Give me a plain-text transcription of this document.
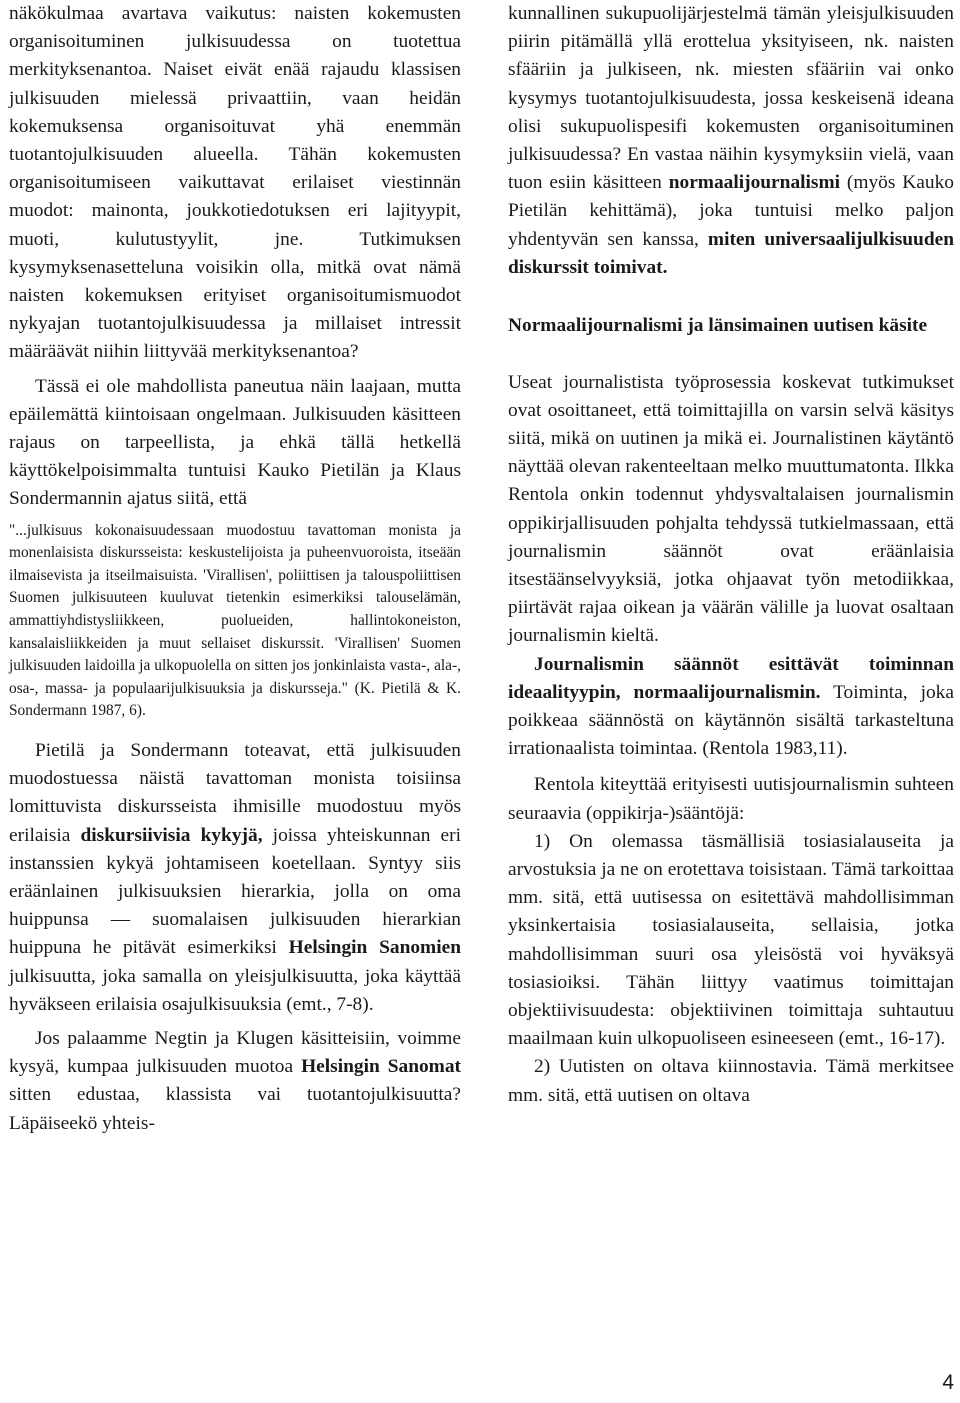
näkökulmaa avartava vaikutus: naisten kokemusten organisoituminen julkisuudessa on tuotettua merkityksenantoa. Naiset eivät enää rajaudu klassisen julkisuuden mielessä privaattiin, vaan heidän kokemuksensa organisoituvat yhä enemmän tuotantojulkisuuden alueella. Tähän kokemusten organisoitumiseen vaikuttavat erilaiset viestinnän muodot: mainonta, joukkotiedotuksen eri lajityypit, muoti, kulutustyylit, jne. Tutkimuksen kysymyksenasetteluna voisikin olla, mitkä ovat nämä naisten kokemuksen erityiset organisoitumismuodot nykyajan tuotantojulkisuudessa ja millaiset intressit määräävät niihin liittyvää merkityksenantoa?

Tässä ei ole mahdollista paneutua näin laajaan, mutta epäilemättä kiintoisaan ongelmaan. Julkisuuden käsitteen rajaus on tarpeellista, ja ehkä tällä hetkellä käyttökelpoisimmalta tuntuisi Kauko Pietilän ja Klaus Sondermannin ajatus siitä, että

"...julkisuus kokonaisuudessaan muodostuu tavattoman monista ja monenlaisista diskursseista: keskustelijoista ja puheenvuoroista, itseään ilmaisevista ja itseilmaisuista. 'Virallisen', poliittisen ja talouspoliittisen Suomen julkisuuteen kuuluvat tietenkin esimerkiksi talouselämän, ammattiyhdistysliikkeen, puolueiden, hallintokoneiston, kansalaisliikkeiden ja muut sellaiset diskurssit. 'Virallisen' Suomen julkisuuden laidoilla ja ulkopuolella on sitten jos jonkinlaista vasta-, ala-, osa-, massa- ja populaarijulkisuuksia ja diskursseja." (K. Pietilä & K. Sondermann 1987, 6).

Pietilä ja Sondermann toteavat, että julkisuuden muodostuessa näistä tavattoman monista toisiinsa lomittuvista diskursseista ihmisille muodostuu myös erilaisia diskursiivisia kykyjä, joissa yhteiskunnan eri instanssien kykyä johtamiseen koetellaan. Syntyy siis eräänlainen julkisuuksien hierarkia, jolla on oma huippunsa — suomalaisen julkisuuden hierarkian huippuna he pitävät esimerkiksi Helsingin Sanomien julkisuutta, joka samalla on yleisjulkisuutta, joka käyttää hyväkseen erilaisia osajulkisuuksia (emt., 7-8).

Jos palaamme Negtin ja Klugen käsitteisiin, voimme kysyä, kumpaa julkisuuden muotoa Helsingin Sanomat sitten edustaa, klassista vai tuotantojulkisuutta? Läpäiseekö yhteis-

kunnallinen sukupuolijärjestelmä tämän yleisjulkisuuden piirin pitämällä yllä erottelua yksityiseen, nk. naisten sfääriin ja julkiseen, nk. miesten sfääriin vai onko kysymys tuotantojulkisuudesta, jossa keskeisenä ideana olisi sukupuolispesifi kokemusten organisoituminen julkisuudessa? En vastaa näihin kysymyksiin vielä, vaan tuon esiin käsitteen normaalijournalismi (myös Kauko Pietilän kehittämä), joka tuntuisi melko paljon yhdentyvän sen kanssa, miten universaalijulkisuuden diskurssit toimivat.

Normaalijournalismi ja länsimainen uutisen käsite

Useat journalistista työprosessia koskevat tutkimukset ovat osoittaneet, että toimittajilla on varsin selvä käsitys siitä, mikä on uutinen ja mikä ei. Journalistinen käytäntö näyttää olevan rakenteeltaan melko muuttumatonta. Ilkka Rentola onkin todennut yhdysvaltalaisen journalismin oppikirjallisuuden pohjalta tehdyssä tutkielmassaan, että journalismin säännöt ovat eräänlaisia itsestäänselvyyksiä, jotka ohjaavat työn metodiikkaa, piirtävät rajaa oikean ja väärän välille ja luovat osaltaan journalismin kieltä.

Journalismin säännöt esittävät toiminnan ideaalityypin, normaalijournalismin. Toiminta, joka poikkeaa säännöstä on käytännön sisältä tarkasteltuna irrationaalista toimintaa. (Rentola 1983,11).

Rentola kiteyttää erityisesti uutisjournalismin suhteen seuraavia (oppikirja-)sääntöjä:

1) On olemassa täsmällisiä tosiasialauseita ja arvostuksia ja ne on erotettava toisistaan. Tämä tarkoittaa mm. sitä, että uutisessa on esitettävä mahdollisimman yksinkertaisia tosiasialauseita, sellaisia, jotka mahdollisimman suuri osa yleisöstä voi hyväksyä tosiasioiksi. Tähän liittyy vaatimus toimittajan objektiivisuudesta: objektiivinen toimittaja suhtautuu maailmaan kuin ulkopuoliseen esineeseen (emt., 16-17).

2) Uutisten on oltava kiinnostavia. Tämä merkitsee mm. sitä, että uutisen on oltava

4
